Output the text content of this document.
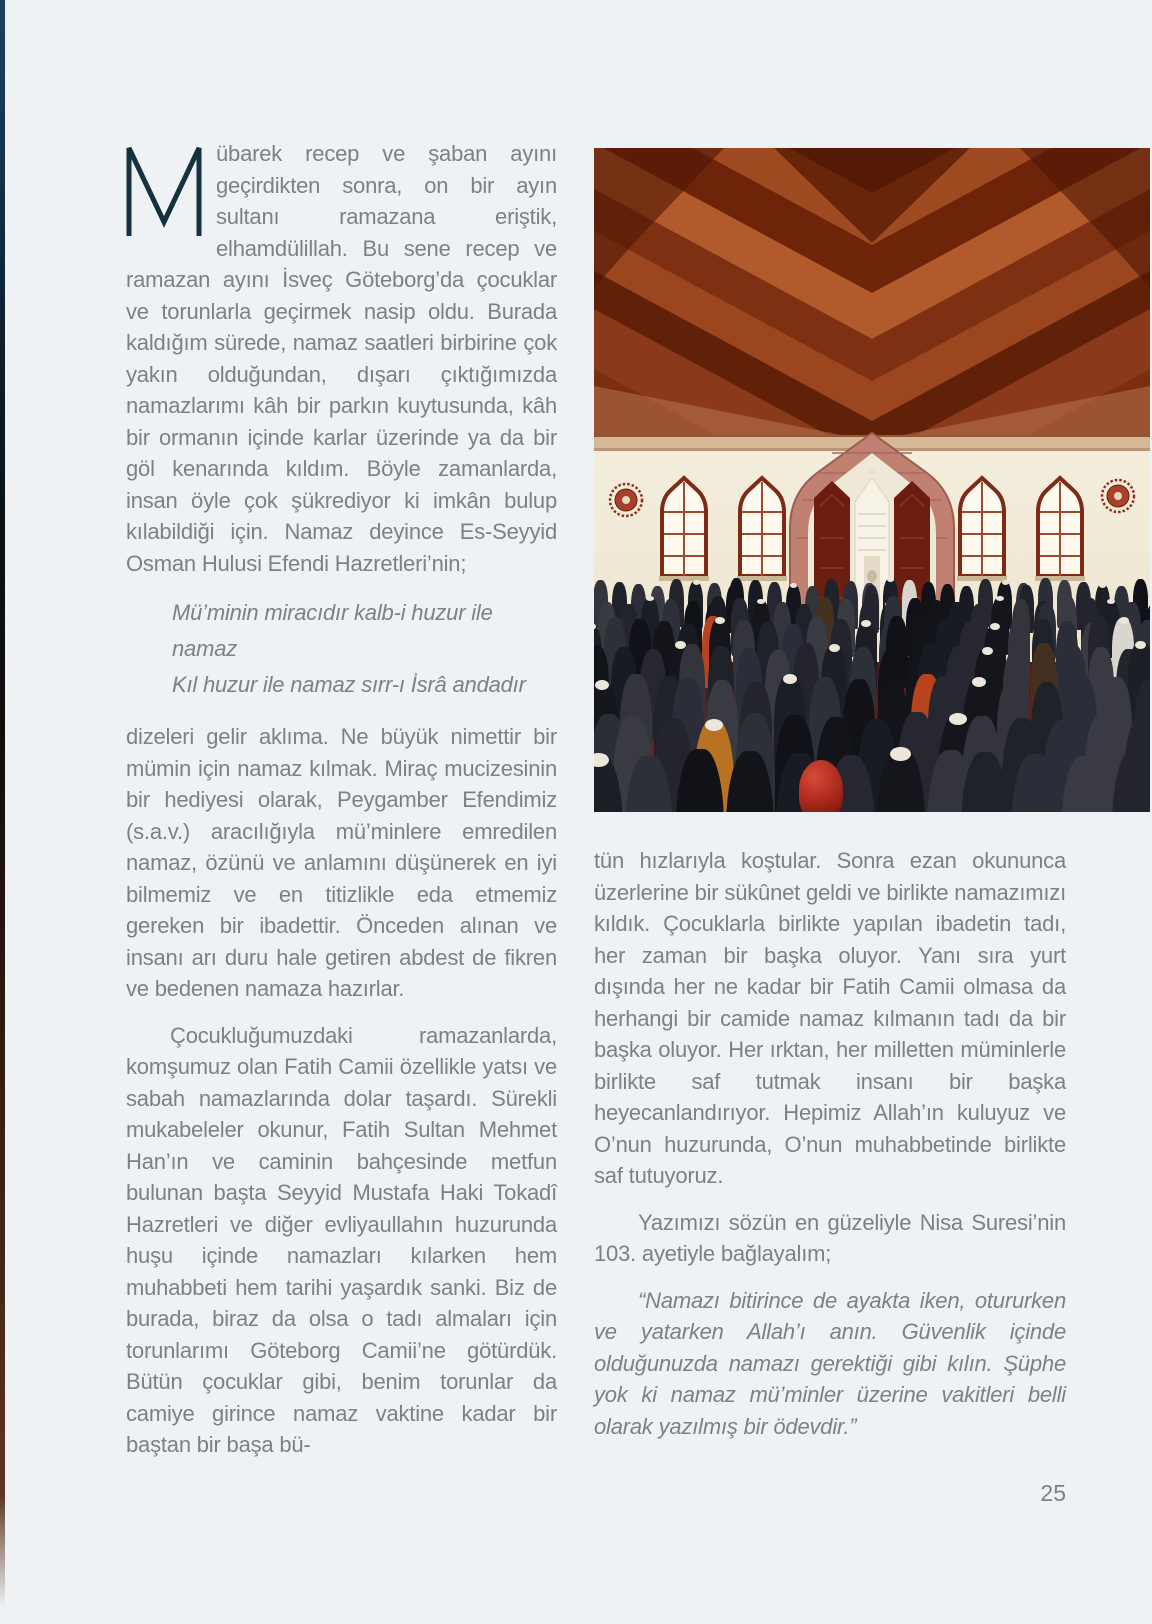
übarek recep ve şaban ayını geçirdikten sonra, on bir ayın sultanı ramazana eriştik, elhamdülillah. Bu sene recep ve ramazan ayını İsveç Göteborg’da çocuklar ve torunlarla geçirmek nasip oldu. Burada kaldığım sürede, namaz saatleri birbirine çok yakın olduğundan, dışarı çıktığımızda namazlarımı kâh bir parkın kuytusunda, kâh bir ormanın içinde karlar üzerinde ya da bir göl kenarında kıldım. Böyle zamanlarda, insan öyle çok şükrediyor ki imkân bulup kılabildiği için. Namaz deyince Es-Seyyid Osman Hulusi Efendi Hazretleri’nin;

Mü’minin miracıdır kalb-i huzur ile namaz
Kıl huzur ile namaz sırr-ı İsrâ andadır

dizeleri gelir aklıma. Ne büyük nimettir bir mümin için namaz kılmak. Miraç mucizesinin bir hediyesi olarak, Peygamber Efendimiz (s.a.v.) aracılığıyla mü’minlere emredilen namaz, özünü ve anlamını düşünerek en iyi bilmemiz ve en titizlikle eda etmemiz gereken bir ibadettir. Önceden alınan ve insanı arı duru hale getiren abdest de fikren ve bedenen namaza hazırlar.

Çocukluğumuzdaki ramazanlarda, komşumuz olan Fatih Camii özellikle yatsı ve sabah namazlarında dolar taşardı. Sürekli mukabeleler okunur, Fatih Sultan Mehmet Han’ın ve caminin bahçesinde metfun bulunan başta Seyyid Mustafa Haki Tokadî Hazretleri ve diğer evliyaullahın huzurunda huşu içinde namazları kılarken hem muhabbeti hem tarihi yaşardık sanki. Biz de burada, biraz da olsa o tadı almaları için torunlarımı Göteborg Camii’ne götürdük. Bütün çocuklar gibi, benim torunlar da camiye girince namaz vaktine kadar bir baştan bir başa bü-

tün hızlarıyla koştular. Sonra ezan okununca üzerlerine bir sükûnet geldi ve birlikte namazımızı kıldık. Çocuklarla birlikte yapılan ibadetin tadı, her zaman bir başka oluyor. Yanı sıra yurt dışında her ne kadar bir Fatih Camii olmasa da herhangi bir camide namaz kılmanın tadı da bir başka oluyor. Her ırktan, her milletten müminlerle birlikte saf tutmak insanı bir başka heyecanlandırıyor. Hepimiz Allah’ın kuluyuz ve O’nun huzurunda, O’nun muhabbetinde birlikte saf tutuyoruz.

Yazımızı sözün en güzeliyle Nisa Suresi’nin 103. ayetiyle bağlayalım;

“Namazı bitirince de ayakta iken, otururken ve yatarken Allah’ı anın. Güvenlik içinde olduğunuzda namazı gerektiği gibi kılın. Şüphe yok ki namaz mü’minler üzerine vakitleri belli olarak yazılmış bir ödevdir.”

25
